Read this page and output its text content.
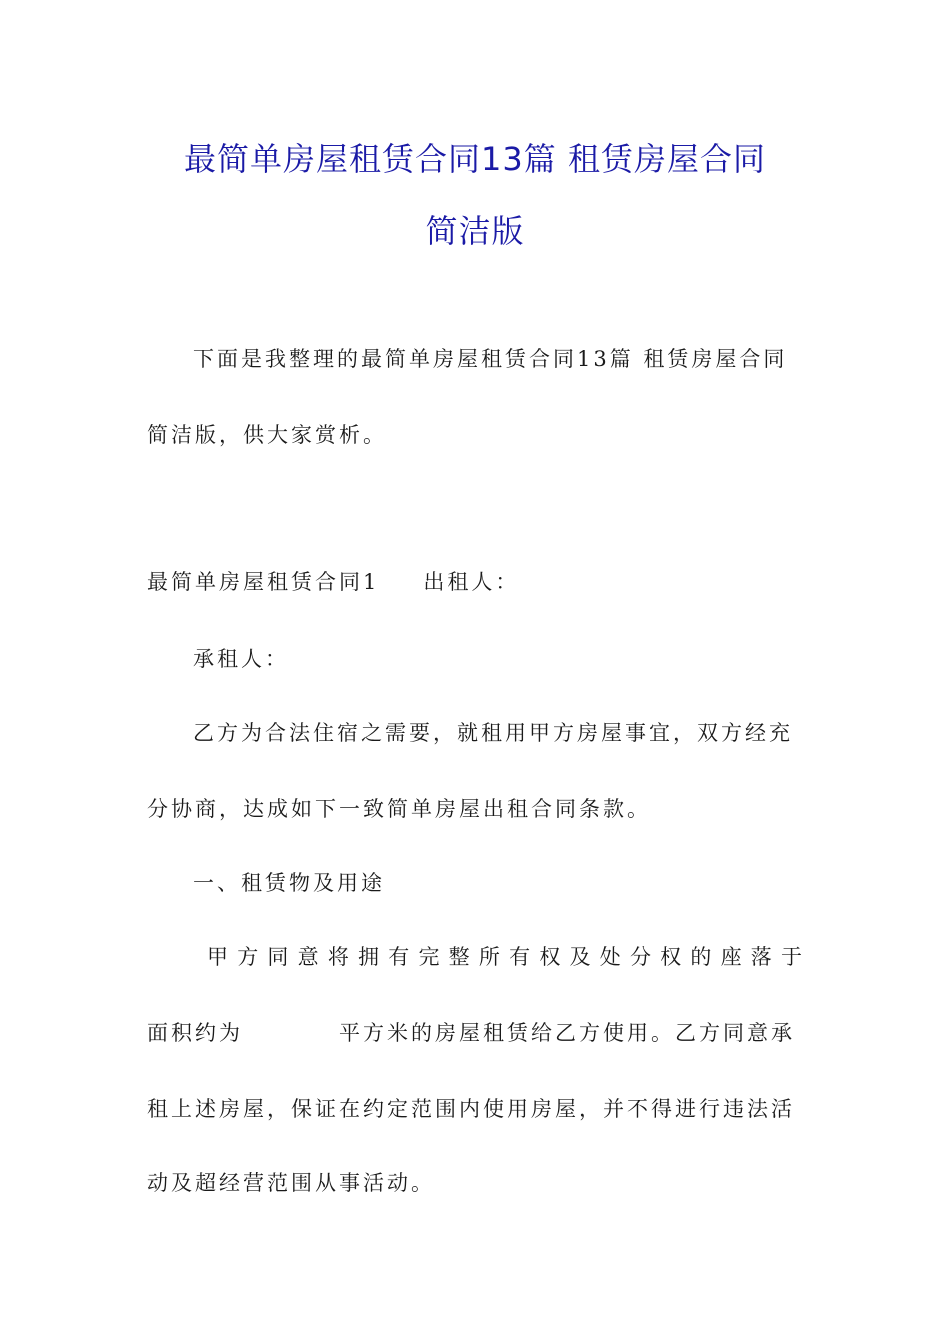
最简单房屋租赁合同13篇 租赁房屋合同
简洁版
下面是我整理的最简单房屋租赁合同13篇 租赁房屋合同
简洁版，供大家赏析。
最简单房屋租赁合同1 出租人：
承租人：
乙方为合法住宿之需要，就租用甲方房屋事宜，双方经充
分协商，达成如下一致简单房屋出租合同条款。
一、租赁物及用途
甲方同意将拥有完整所有权及处分权的座落于
面积约为	平方米的房屋租赁给乙方使用。乙方同意承
租上述房屋，保证在约定范围内使用房屋，并不得进行违法活
动及超经营范围从事活动。
